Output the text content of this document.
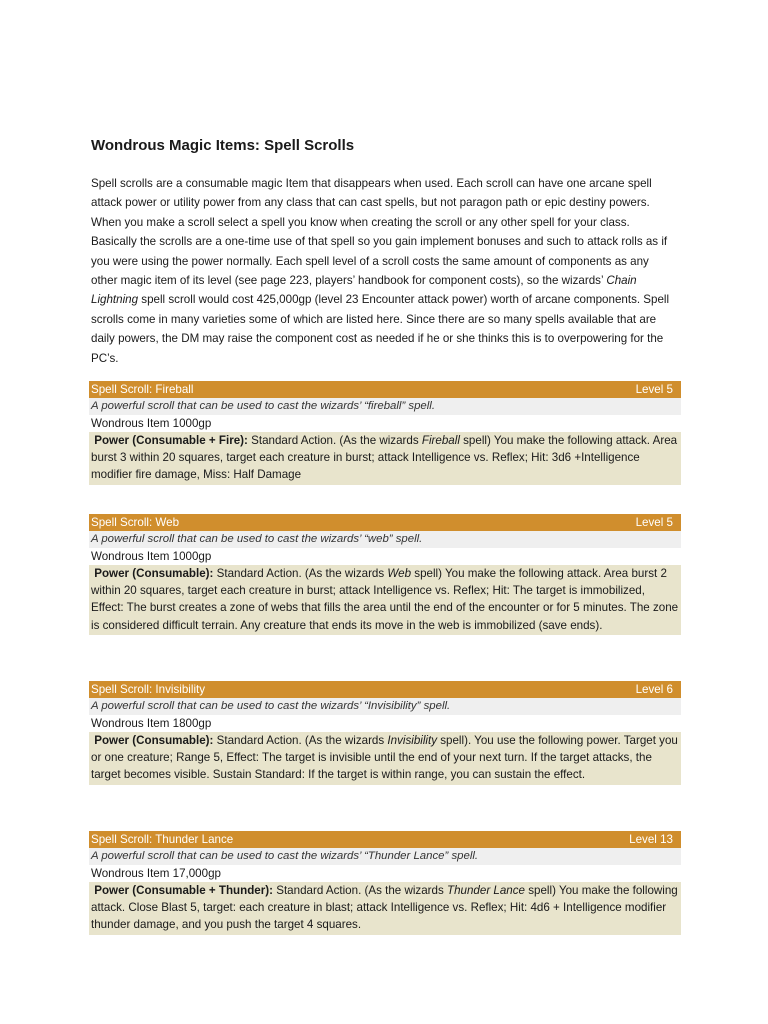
Wondrous Magic Items: Spell Scrolls
Spell scrolls are a consumable magic Item that disappears when used. Each scroll can have one arcane spell attack power or utility power from any class that can cast spells, but not paragon path or epic destiny powers. When you make a scroll select a spell you know when creating the scroll or any other spell for your class. Basically the scrolls are a one-time use of that spell so you gain implement bonuses and such to attack rolls as if you were using the power normally. Each spell level of a scroll costs the same amount of components as any other magic item of its level (see page 223, players’ handbook for component costs), so the wizards’ Chain Lightning spell scroll would cost 425,000gp (level 23 Encounter attack power) worth of arcane components. Spell scrolls come in many varieties some of which are listed here. Since there are so many spells available that are daily powers, the DM may raise the component cost as needed if he or she thinks this is to overpowering for the PC’s.
Spell Scroll: Fireball	Level 5
A powerful scroll that can be used to cast the wizards’ “fireball” spell.
Wondrous Item 1000gp
Power (Consumable + Fire): Standard Action. (As the wizards Fireball spell) You make the following attack. Area burst 3 within 20 squares, target each creature in burst; attack Intelligence vs. Reflex; Hit: 3d6 +Intelligence modifier fire damage, Miss: Half Damage
Spell Scroll: Web	Level 5
A powerful scroll that can be used to cast the wizards’ “web” spell.
Wondrous Item 1000gp
Power (Consumable): Standard Action. (As the wizards Web spell) You make the following attack. Area burst 2 within 20 squares, target each creature in burst; attack Intelligence vs. Reflex; Hit: The target is immobilized, Effect: The burst creates a zone of webs that fills the area until the end of the encounter or for 5 minutes. The zone is considered difficult terrain. Any creature that ends its move in the web is immobilized (save ends).
Spell Scroll: Invisibility	Level 6
A powerful scroll that can be used to cast the wizards’ “Invisibility” spell.
Wondrous Item 1800gp
Power (Consumable): Standard Action. (As the wizards Invisibility spell). You use the following power. Target you or one creature; Range 5, Effect: The target is invisible until the end of your next turn. If the target attacks, the target becomes visible. Sustain Standard: If the target is within range, you can sustain the effect.
Spell Scroll: Thunder Lance	Level 13
A powerful scroll that can be used to cast the wizards’ “Thunder Lance” spell.
Wondrous Item 17,000gp
Power (Consumable + Thunder): Standard Action. (As the wizards Thunder Lance spell) You make the following attack. Close Blast 5, target: each creature in blast; attack Intelligence vs. Reflex; Hit: 4d6 + Intelligence modifier thunder damage, and you push the target 4 squares.
